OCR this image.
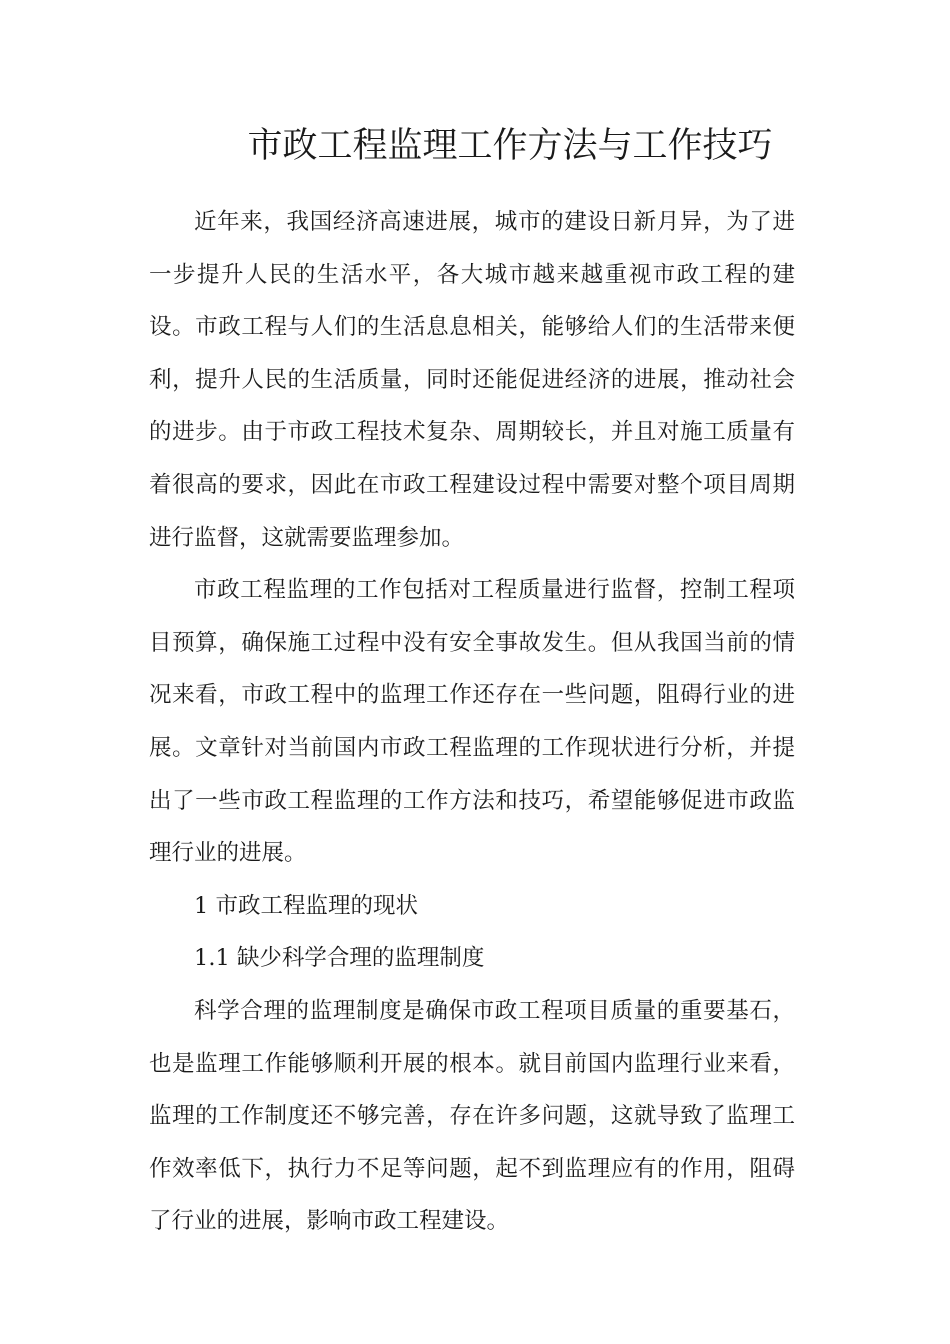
市政工程监理工作方法与工作技巧

近年来，我国经济高速进展，城市的建设日新月异，为了进一步提升人民的生活水平，各大城市越来越重视市政工程的建设。市政工程与人们的生活息息相关，能够给人们的生活带来便利，提升人民的生活质量，同时还能促进经济的进展，推动社会的进步。由于市政工程技术复杂、周期较长，并且对施工质量有着很高的要求，因此在市政工程建设过程中需要对整个项目周期进行监督，这就需要监理参加。

市政工程监理的工作包括对工程质量进行监督，控制工程项目预算，确保施工过程中没有安全事故发生。但从我国当前的情况来看，市政工程中的监理工作还存在一些问题，阻碍行业的进展。文章针对当前国内市政工程监理的工作现状进行分析，并提出了一些市政工程监理的工作方法和技巧，希望能够促进市政监理行业的进展。

1 市政工程监理的现状

1.1 缺少科学合理的监理制度

科学合理的监理制度是确保市政工程项目质量的重要基石，也是监理工作能够顺利开展的根本。就目前国内监理行业来看，监理的工作制度还不够完善，存在许多问题，这就导致了监理工作效率低下，执行力不足等问题，起不到监理应有的作用，阻碍了行业的进展，影响市政工程建设。
